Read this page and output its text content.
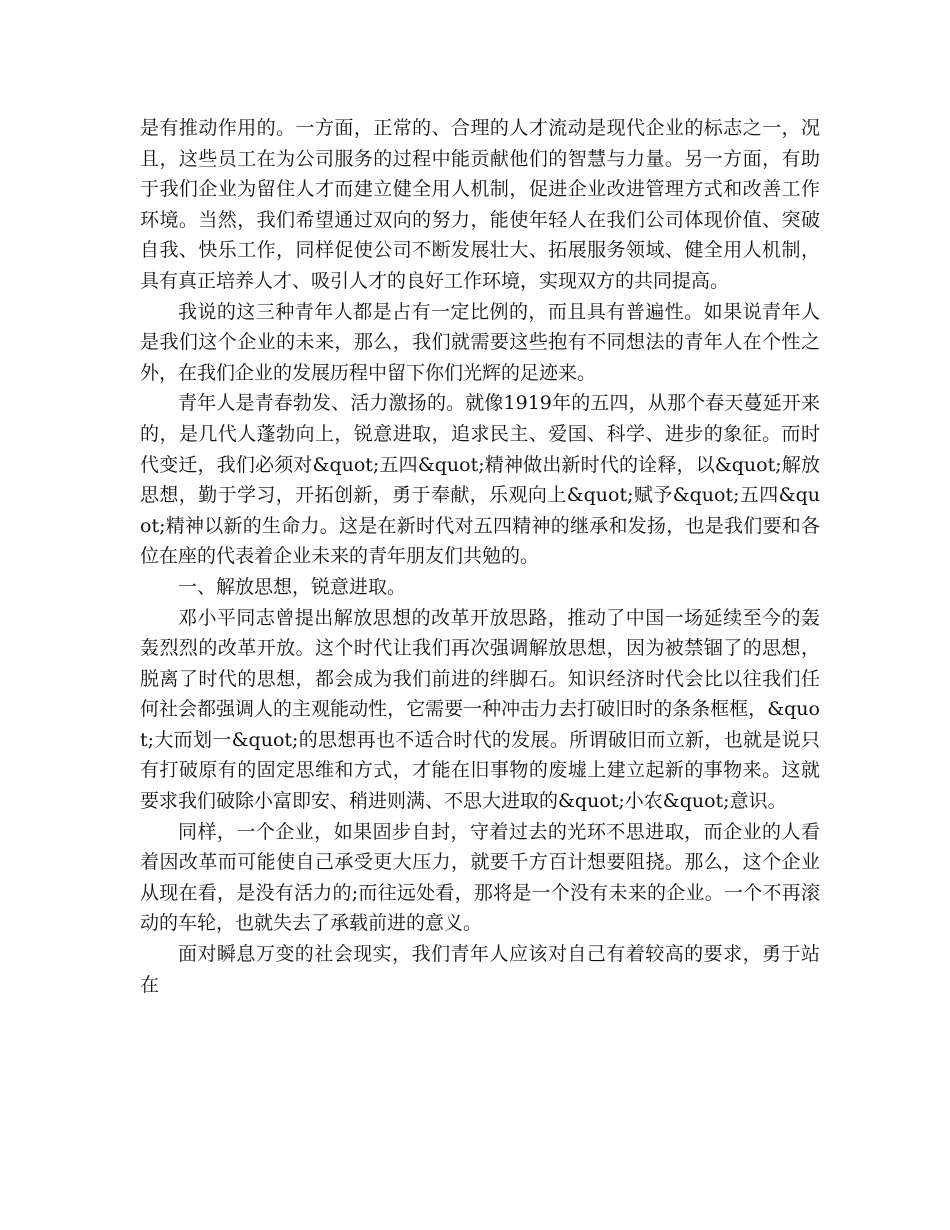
是有推动作用的。一方面，正常的、合理的人才流动是现代企业的标志之一，况且，这些员工在为公司服务的过程中能贡献他们的智慧与力量。另一方面，有助于我们企业为留住人才而建立健全用人机制，促进企业改进管理方式和改善工作环境。当然，我们希望通过双向的努力，能使年轻人在我们公司体现价值、突破自我、快乐工作，同样促使公司不断发展壮大、拓展服务领域、健全用人机制，具有真正培养人才、吸引人才的良好工作环境，实现双方的共同提高。

我说的这三种青年人都是占有一定比例的，而且具有普遍性。如果说青年人是我们这个企业的未来，那么，我们就需要这些抱有不同想法的青年人在个性之外，在我们企业的发展历程中留下你们光辉的足迹来。

青年人是青春勃发、活力激扬的。就像1919年的五四，从那个春天蔓延开来的，是几代人蓬勃向上，锐意进取，追求民主、爱国、科学、进步的象征。而时代变迁，我们必须对&quot;五四&quot;精神做出新时代的诠释，以&quot;解放思想，勤于学习，开拓创新，勇于奉献，乐观向上&quot;赋予&quot;五四&quot;精神以新的生命力。这是在新时代对五四精神的继承和发扬，也是我们要和各位在座的代表着企业未来的青年朋友们共勉的。

一、解放思想，锐意进取。

邓小平同志曾提出解放思想的改革开放思路，推动了中国一场延续至今的轰轰烈烈的改革开放。这个时代让我们再次强调解放思想，因为被禁锢了的思想，脱离了时代的思想，都会成为我们前进的绊脚石。知识经济时代会比以往我们任何社会都强调人的主观能动性，它需要一种冲击力去打破旧时的条条框框，&quot;大而划一&quot;的思想再也不适合时代的发展。所谓破旧而立新，也就是说只有打破原有的固定思维和方式，才能在旧事物的废墟上建立起新的事物来。这就要求我们破除小富即安、稍进则满、不思大进取的&quot;小农&quot;意识。

同样，一个企业，如果固步自封，守着过去的光环不思进取，而企业的人看着因改革而可能使自己承受更大压力，就要千方百计想要阻挠。那么，这个企业从现在看，是没有活力的;而往远处看，那将是一个没有未来的企业。一个不再滚动的车轮，也就失去了承载前进的意义。

面对瞬息万变的社会现实，我们青年人应该对自己有着较高的要求，勇于站在
